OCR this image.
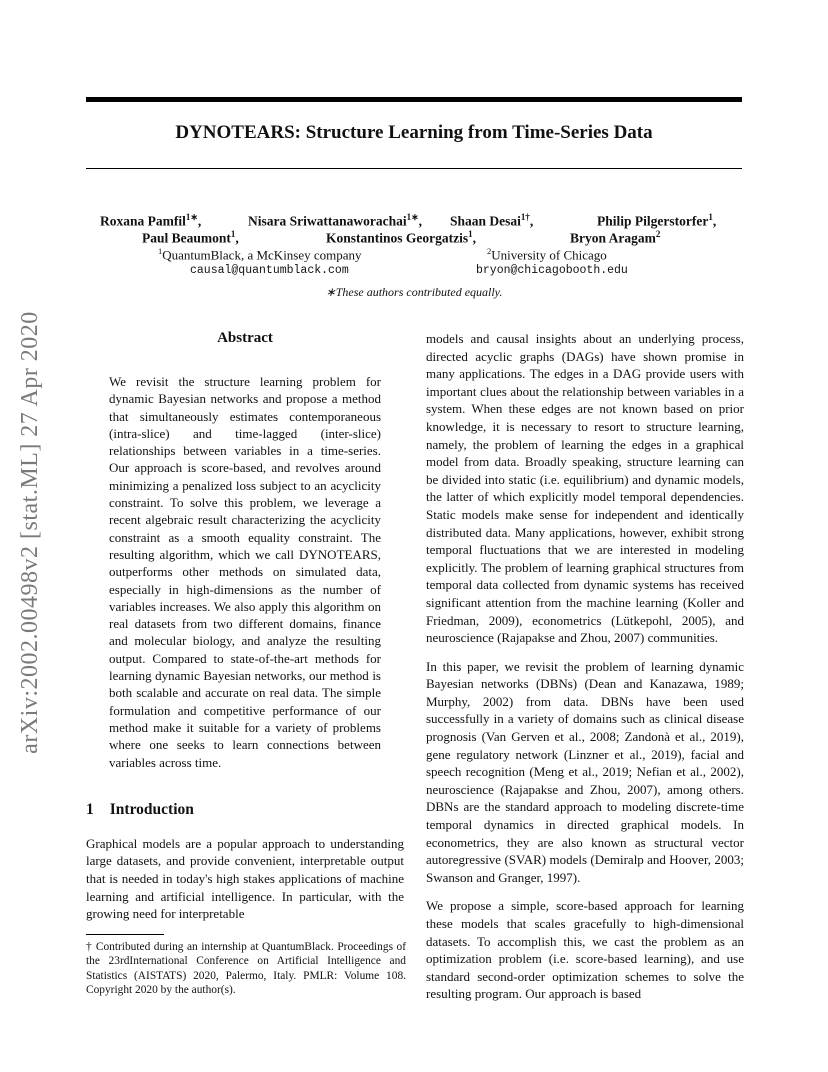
arXiv:2002.00498v2 [stat.ML] 27 Apr 2020
DYNOTEARS: Structure Learning from Time-Series Data
Roxana Pamfil$^{1∗}$,	Nisara Sriwattanaworachai$^{1∗}$, Shaan Desai$^{1\dagger}$,	Philip Pilgerstorfer$^1$,
Paul Beaumont$^1$,	Konstantinos Georgatzis$^1$,	Bryon Aragam$^2$
$^1$QuantumBlack, a McKinsey company
causal@quantumblack.com
$^2$University of Chicago
bryon@chicagobooth.edu
∗These authors contributed equally.
Abstract

We revisit the structure learning problem for dynamic Bayesian networks and propose a method that simultaneously estimates contemporaneous (intra-slice) and time-lagged (inter-slice) relationships between variables in a time-series. Our approach is score-based, and revolves around minimizing a penalized loss subject to an acyclicity constraint. To solve this problem, we leverage a recent algebraic result characterizing the acyclicity constraint as a smooth equality constraint. The resulting algorithm, which we call DYNOTEARS, outperforms other methods on simulated data, especially in high-dimensions as the number of variables increases. We also apply this algorithm on real datasets from two different domains, finance and molecular biology, and analyze the resulting output. Compared to state-of-the-art methods for learning dynamic Bayesian networks, our method is both scalable and accurate on real data. The simple formulation and competitive performance of our method make it suitable for a variety of problems where one seeks to learn connections between variables across time.

1 Introduction

Graphical models are a popular approach to understanding large datasets, and provide convenient, interpretable output that is needed in today's high stakes applications of machine learning and artificial intelligence. In particular, with the growing need for interpretable

models and causal insights about an underlying process, directed acyclic graphs (DAGs) have shown promise in many applications. The edges in a DAG provide users with important clues about the relationship between variables in a system. When these edges are not known based on prior knowledge, it is necessary to resort to structure learning, namely, the problem of learning the edges in a graphical model from data. Broadly speaking, structure learning can be divided into static (i.e. equilibrium) and dynamic models, the latter of which explicitly model temporal dependencies. Static models make sense for independent and identically distributed data. Many applications, however, exhibit strong temporal fluctuations that we are interested in modeling explicitly. The problem of learning graphical structures from temporal data collected from dynamic systems has received significant attention from the machine learning (Koller and Friedman, 2009), econometrics (Lütkepohl, 2005), and neuroscience (Rajapakse and Zhou, 2007) communities.

In this paper, we revisit the problem of learning dynamic Bayesian networks (DBNs) (Dean and Kanazawa, 1989; Murphy, 2002) from data. DBNs have been used successfully in a variety of domains such as clinical disease prognosis (Van Gerven et al., 2008; Zandonà et al., 2019), gene regulatory network (Linzner et al., 2019), facial and speech recognition (Meng et al., 2019; Nefian et al., 2002), neuroscience (Rajapakse and Zhou, 2007), among others. DBNs are the standard approach to modeling discrete-time temporal dynamics in directed graphical models. In econometrics, they are also known as structural vector autoregressive (SVAR) models (Demiralp and Hoover, 2003; Swanson and Granger, 1997).

We propose a simple, score-based approach for learning these models that scales gracefully to high-dimensional datasets. To accomplish this, we cast the problem as an optimization problem (i.e. score-based learning), and use standard second-order optimization schemes to solve the resulting program. Our approach is based

† Contributed during an internship at QuantumBlack. Proceedings of the 23rdInternational Conference on Artificial Intelligence and Statistics (AISTATS) 2020, Palermo, Italy. PMLR: Volume 108. Copyright 2020 by the author(s).
